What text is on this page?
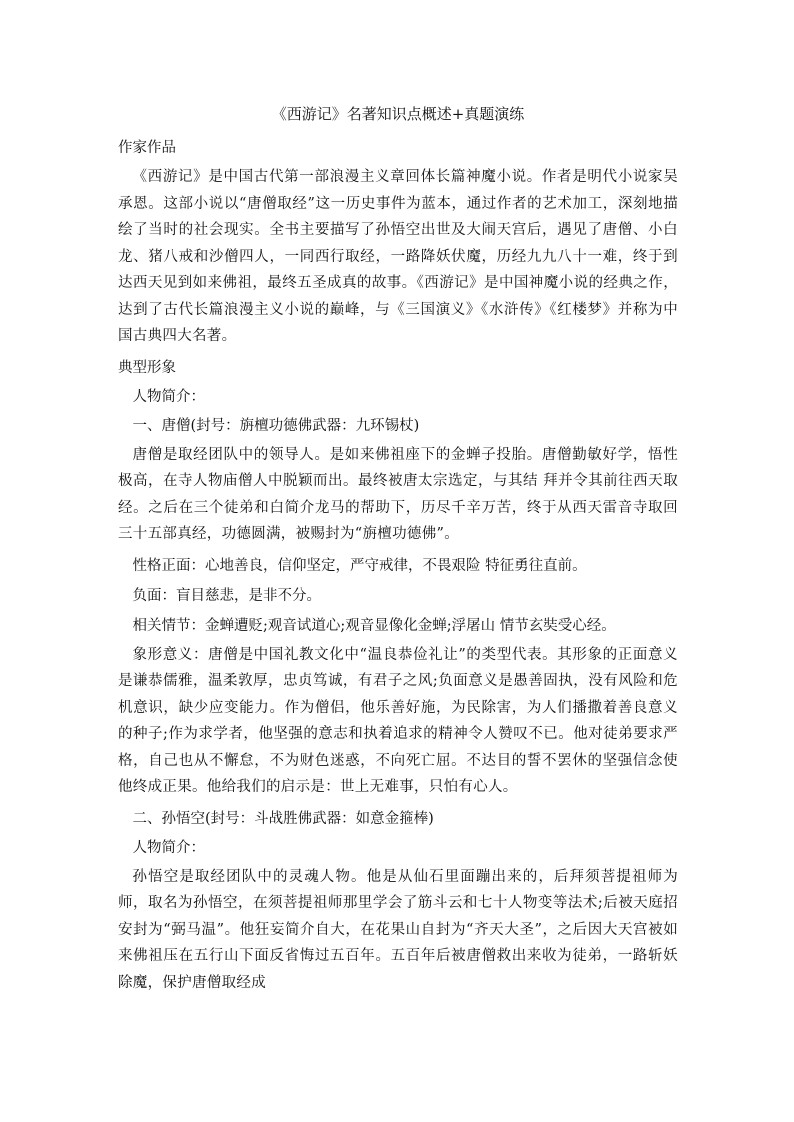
《西游记》名著知识点概述+真题演练
作家作品

《西游记》是中国古代第一部浪漫主义章回体长篇神魔小说。作者是明代小说家吴承恩。这部小说以“唐僧取经”这一历史事件为蓝本，通过作者的艺术加工，深刻地描绘了当时的社会现实。全书主要描写了孙悟空出世及大闹天宫后，遇见了唐僧、小白龙、猪八戒和沙僧四人，一同西行取经，一路降妖伏魔，历经九九八十一难，终于到达西天见到如来佛祖，最终五圣成真的故事。《西游记》是中国神魔小说的经典之作，达到了古代长篇浪漫主义小说的巅峰，与《三国演义》《水浒传》《红楼梦》并称为中国古典四大名著。

典型形象
人物简介：
一、唐僧(封号：旃檀功德佛武器：九环锡杖)

唐僧是取经团队中的领导人。是如来佛祖座下的金蝉子投胎。唐僧勤敏好学，悟性极高，在寺人物庙僧人中脱颖而出。最终被唐太宗选定，与其结 拜并令其前往西天取经。之后在三个徒弟和白简介龙马的帮助下，历尽千辛万苦，终于从西天雷音寺取回三十五部真经，功德圆满，被赐封为“旃檀功德佛”。

性格正面：心地善良，信仰坚定，严守戒律，不畏艰险 特征勇往直前。
负面：盲目慈悲，是非不分。
相关情节：金蝉遭贬;观音试道心;观音显像化金蝉;浮屠山 情节玄奘受心经。

象形意义：唐僧是中国礼教文化中“温良恭俭礼让”的类型代表。其形象的正面意义是谦恭儒雅，温柔敦厚，忠贞笃诚，有君子之风;负面意义是愚善固执，没有风险和危机意识，缺少应变能力。作为僧侣，他乐善好施，为民除害，为人们播撒着善良意义的种子;作为求学者，他坚强的意志和执着追求的精神令人赞叹不已。他对徒弟要求严格，自己也从不懈怠，不为财色迷惑，不向死亡屈。不达目的誓不罢休的坚强信念使他终成正果。他给我们的启示是：世上无难事，只怕有心人。

二、孙悟空(封号：斗战胜佛武器：如意金箍棒)
人物简介：

孙悟空是取经团队中的灵魂人物。他是从仙石里面蹦出来的，后拜须菩提祖师为师，取名为孙悟空，在须菩提祖师那里学会了筋斗云和七十人物变等法术;后被天庭招安封为“弼马温”。他狂妄简介自大，在花果山自封为“齐天大圣”，之后因大天宫被如来佛祖压在五行山下面反省悔过五百年。五百年后被唐僧救出来收为徒弟，一路斩妖除魔，保护唐僧取经成
